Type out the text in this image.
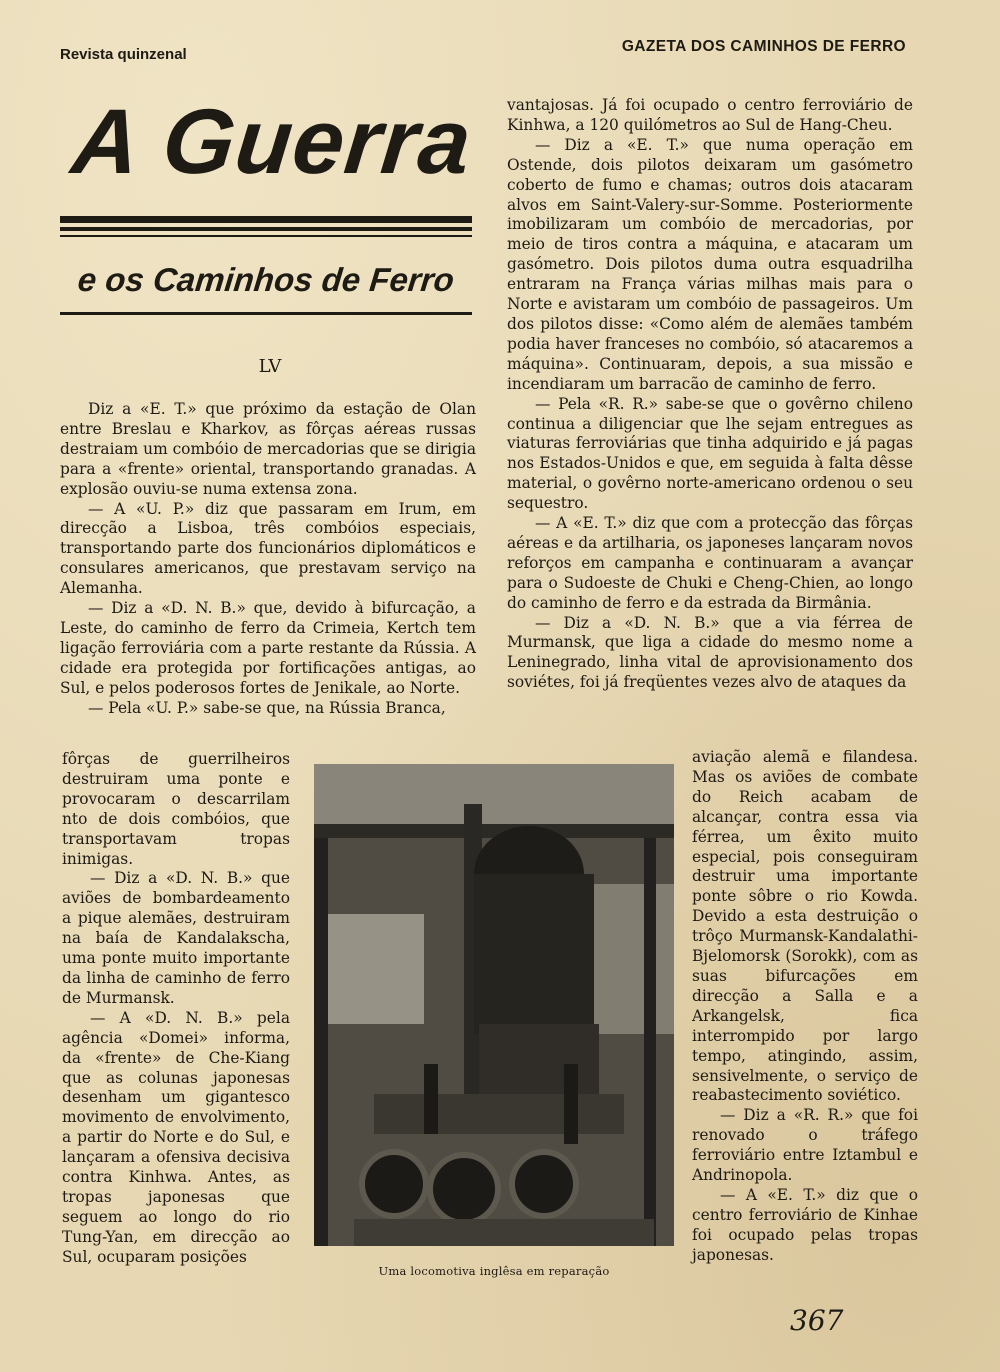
Revista quinzenal	GAZETA DOS CAMINHOS DE FERRO
A Guerra
e os Caminhos de Ferro
LV

Diz a «E. T.» que próximo da estação de Olan entre Breslau e Kharkov, as fôrças aéreas russas destraiam um combóio de mercadorias que se dirigia para a «frente» oriental, transportando granadas. A explosão ouviu-se numa extensa zona.

— A «U. P.» diz que passaram em Irum, em direcção a Lisboa, três combóios especiais, transportando parte dos funcionários diplomáticos e consulares americanos, que prestavam serviço na Alemanha.

— Diz a «D. N. B.» que, devido à bifurcação, a Leste, do caminho de ferro da Crimeia, Kertch tem ligação ferroviária com a parte restante da Rússia. A cidade era protegida por fortificações antigas, ao Sul, e pelos poderosos fortes de Jenikale, ao Norte.

— Pela «U. P.» sabe-se que, na Rússia Branca,

fôrças de guerrilheiros destruiram uma ponte e provocaram o descarrilam nto de dois combóios, que transportavam tropas inimigas.

— Diz a «D. N. B.» que aviões de bombardeamento a pique alemães, destruiram na baía de Kandalakscha, uma ponte muito importante da linha de caminho de ferro de Murmansk.

— A «D. N. B.» pela agência «Domei» informa, da «frente» de Che-Kiang que as colunas japonesas desenham um gigantesco movimento de envolvimento, a partir do Norte e do Sul, e lançaram a ofensiva decisiva contra Kinhwa. Antes, as tropas japonesas que seguem ao longo do rio Tung-Yan, em direcção ao Sul, ocuparam posições

vantajosas. Já foi ocupado o centro ferroviário de Kinhwa, a 120 quilómetros ao Sul de Hang-Cheu.

— Diz a «E. T.» que numa operação em Ostende, dois pilotos deixaram um gasómetro coberto de fumo e chamas; outros dois atacaram alvos em Saint-Valery-sur-Somme. Posteriormente imobilizaram um combóio de mercadorias, por meio de tiros contra a máquina, e atacaram um gasómetro. Dois pilotos duma outra esquadrilha entraram na França várias milhas mais para o Norte e avistaram um combóio de passageiros. Um dos pilotos disse: «Como além de alemães também podia haver franceses no combóio, só atacaremos a máquina». Continuaram, depois, a sua missão e incendiaram um barracão de caminho de ferro.

— Pela «R. R.» sabe-se que o govêrno chileno continua a diligenciar que lhe sejam entregues as viaturas ferroviárias que tinha adquirido e já pagas nos Estados-Unidos e que, em seguida à falta dêsse material, o govêrno norte-americano ordenou o seu sequestro.

— A «E. T.» diz que com a protecção das fôrças aéreas e da artilharia, os japoneses lançaram novos reforços em campanha e continuaram a avançar para o Sudoeste de Chuki e Cheng-Chien, ao longo do caminho de ferro e da estrada da Birmânia.

— Diz a «D. N. B.» que a via férrea de Murmansk, que liga a cidade do mesmo nome a Leninegrado, linha vital de aprovisionamento dos soviétes, foi já freqüentes vezes alvo de ataques da

aviação alemã e filandesa. Mas os aviões de combate do Reich acabam de alcançar, contra essa via férrea, um êxito muito especial, pois conseguiram destruir uma importante ponte sôbre o rio Kowda. Devido a esta destruição o trôço Murmansk-Kandalathi-Bjelomorsk (Sorokk), com as suas bifurcações em direcção a Salla e a Arkangelsk, fica interrompido por largo tempo, atingindo, assim, sensivelmente, o serviço de reabastecimento soviético.

— Diz a «R. R.» que foi renovado o tráfego ferroviário entre Iztambul e Andrinopola.

— A «E. T.» diz que o centro ferroviário de Kinhae foi ocupado pelas tropas japonesas.

Uma locomotiva inglêsa em reparação
367
